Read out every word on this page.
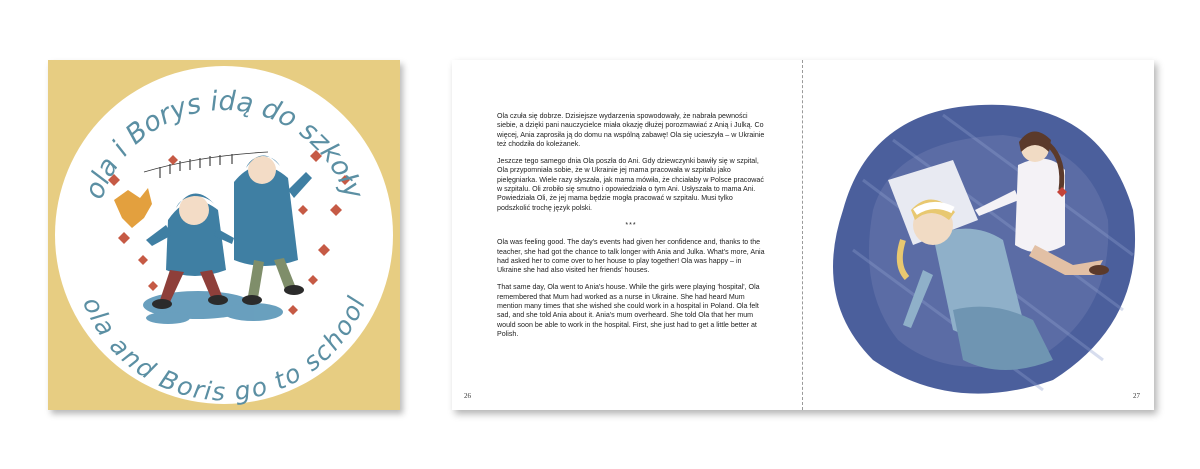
ola i Borys idą do szkoły
ola and Boris go to school

Ola czuła się dobrze. Dzisiejsze wydarzenia spowodowały, że nabrała pewności siebie, a dzięki pani nauczycielce miała okazję dłużej porozmawiać z Anią i Julką. Co więcej, Ania zaprosiła ją do domu na wspólną zabawę! Ola się ucieszyła – w Ukrainie też chodziła do koleżanek.

Jeszcze tego samego dnia Ola poszła do Ani. Gdy dziewczynki bawiły się w szpital, Ola przypomniała sobie, że w Ukrainie jej mama pracowała w szpitalu jako pielęgniarka. Wiele razy słyszała, jak mama mówiła, że chciałaby w Polsce pracować w szpitalu. Oli zrobiło się smutno i opowiedziała o tym Ani. Usłyszała to mama Ani. Powiedziała Oli, że jej mama będzie mogła pracować w szpitalu. Musi tylko podszkolić trochę język polski.

***

Ola was feeling good. The day's events had given her confidence and, thanks to the teacher, she had got the chance to talk longer with Ania and Julka. What's more, Ania had asked her to come over to her house to play together! Ola was happy – in Ukraine she had also visited her friends' houses.

That same day, Ola went to Ania's house. While the girls were playing 'hospital', Ola remembered that Mum had worked as a nurse in Ukraine. She had heard Mum mention many times that she wished she could work in a hospital in Poland. Ola felt sad, and she told Ania about it. Ania's mum overheard. She told Ola that her mum would soon be able to work in the hospital. First, she just had to get a little better at Polish.

26	27
